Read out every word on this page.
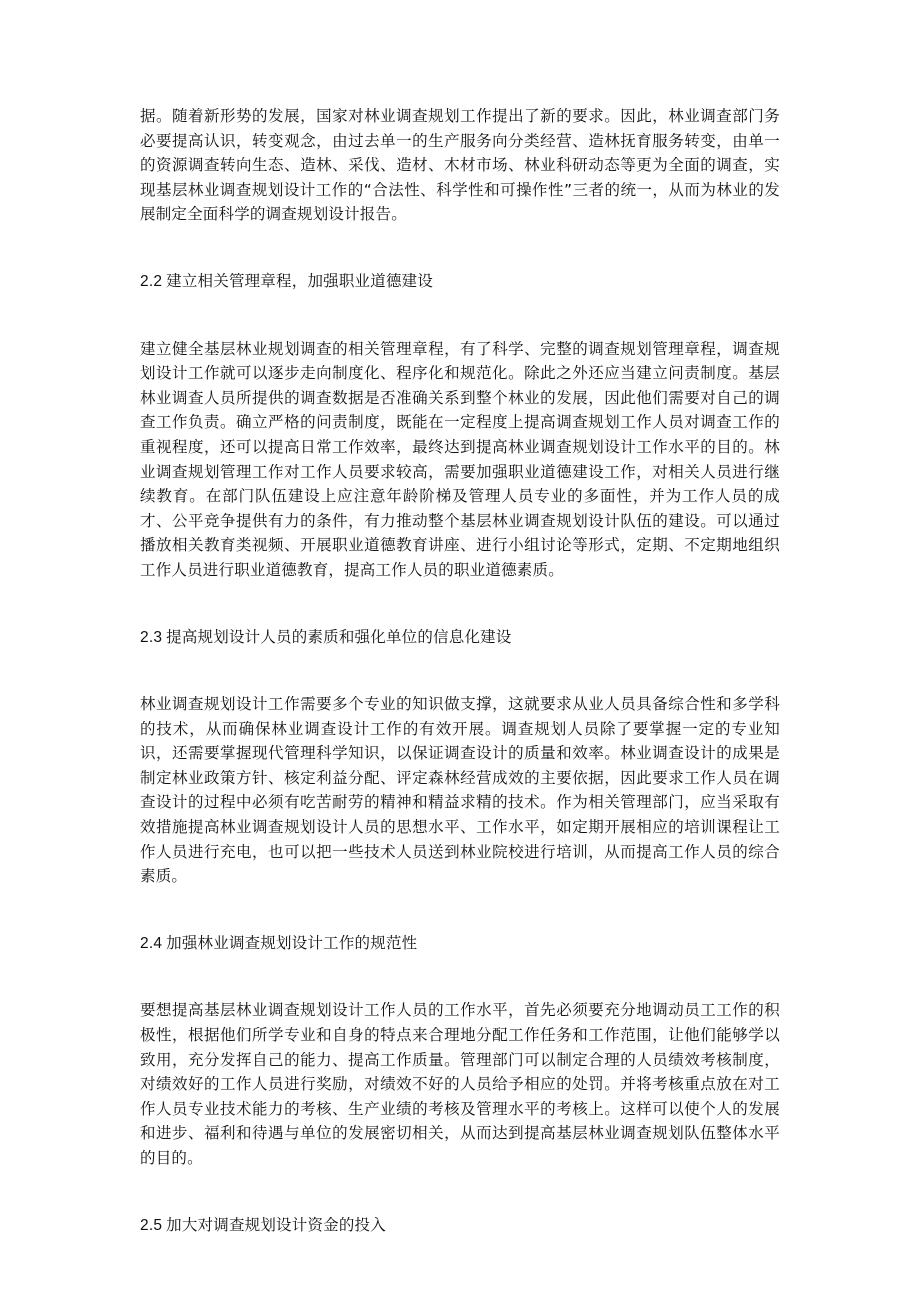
据。随着新形势的发展，国家对林业调查规划工作提出了新的要求。因此，林业调查部门务必要提高认识，转变观念，由过去单一的生产服务向分类经营、造林抚育服务转变，由单一的资源调查转向生态、造林、采伐、造材、木材市场、林业科研动态等更为全面的调查，实现基层林业调查规划设计工作的“合法性、科学性和可操作性”三者的统一，从而为林业的发展制定全面科学的调查规划设计报告。

2.2 建立相关管理章程，加强职业道德建设

建立健全基层林业规划调查的相关管理章程，有了科学、完整的调查规划管理章程，调查规划设计工作就可以逐步走向制度化、程序化和规范化。除此之外还应当建立问责制度。基层林业调查人员所提供的调查数据是否准确关系到整个林业的发展，因此他们需要对自己的调查工作负责。确立严格的问责制度，既能在一定程度上提高调查规划工作人员对调查工作的重视程度，还可以提高日常工作效率，最终达到提高林业调查规划设计工作水平的目的。林业调查规划管理工作对工作人员要求较高，需要加强职业道德建设工作，对相关人员进行继续教育。在部门队伍建设上应注意年龄阶梯及管理人员专业的多面性，并为工作人员的成才、公平竞争提供有力的条件，有力推动整个基层林业调查规划设计队伍的建设。可以通过播放相关教育类视频、开展职业道德教育讲座、进行小组讨论等形式，定期、不定期地组织工作人员进行职业道德教育，提高工作人员的职业道德素质。

2.3 提高规划设计人员的素质和强化单位的信息化建设

林业调查规划设计工作需要多个专业的知识做支撑，这就要求从业人员具备综合性和多学科的技术，从而确保林业调查设计工作的有效开展。调查规划人员除了要掌握一定的专业知识，还需要掌握现代管理科学知识，以保证调查设计的质量和效率。林业调查设计的成果是制定林业政策方针、核定利益分配、评定森林经营成效的主要依据，因此要求工作人员在调查设计的过程中必须有吃苦耐劳的精神和精益求精的技术。作为相关管理部门，应当采取有效措施提高林业调查规划设计人员的思想水平、工作水平，如定期开展相应的培训课程让工作人员进行充电，也可以把一些技术人员送到林业院校进行培训，从而提高工作人员的综合素质。

2.4 加强林业调查规划设计工作的规范性

要想提高基层林业调查规划设计工作人员的工作水平，首先必须要充分地调动员工工作的积极性，根据他们所学专业和自身的特点来合理地分配工作任务和工作范围，让他们能够学以致用，充分发挥自己的能力、提高工作质量。管理部门可以制定合理的人员绩效考核制度，对绩效好的工作人员进行奖励，对绩效不好的人员给予相应的处罚。并将考核重点放在对工作人员专业技术能力的考核、生产业绩的考核及管理水平的考核上。这样可以使个人的发展和进步、福利和待遇与单位的发展密切相关，从而达到提高基层林业调查规划队伍整体水平的目的。

2.5 加大对调查规划设计资金的投入
